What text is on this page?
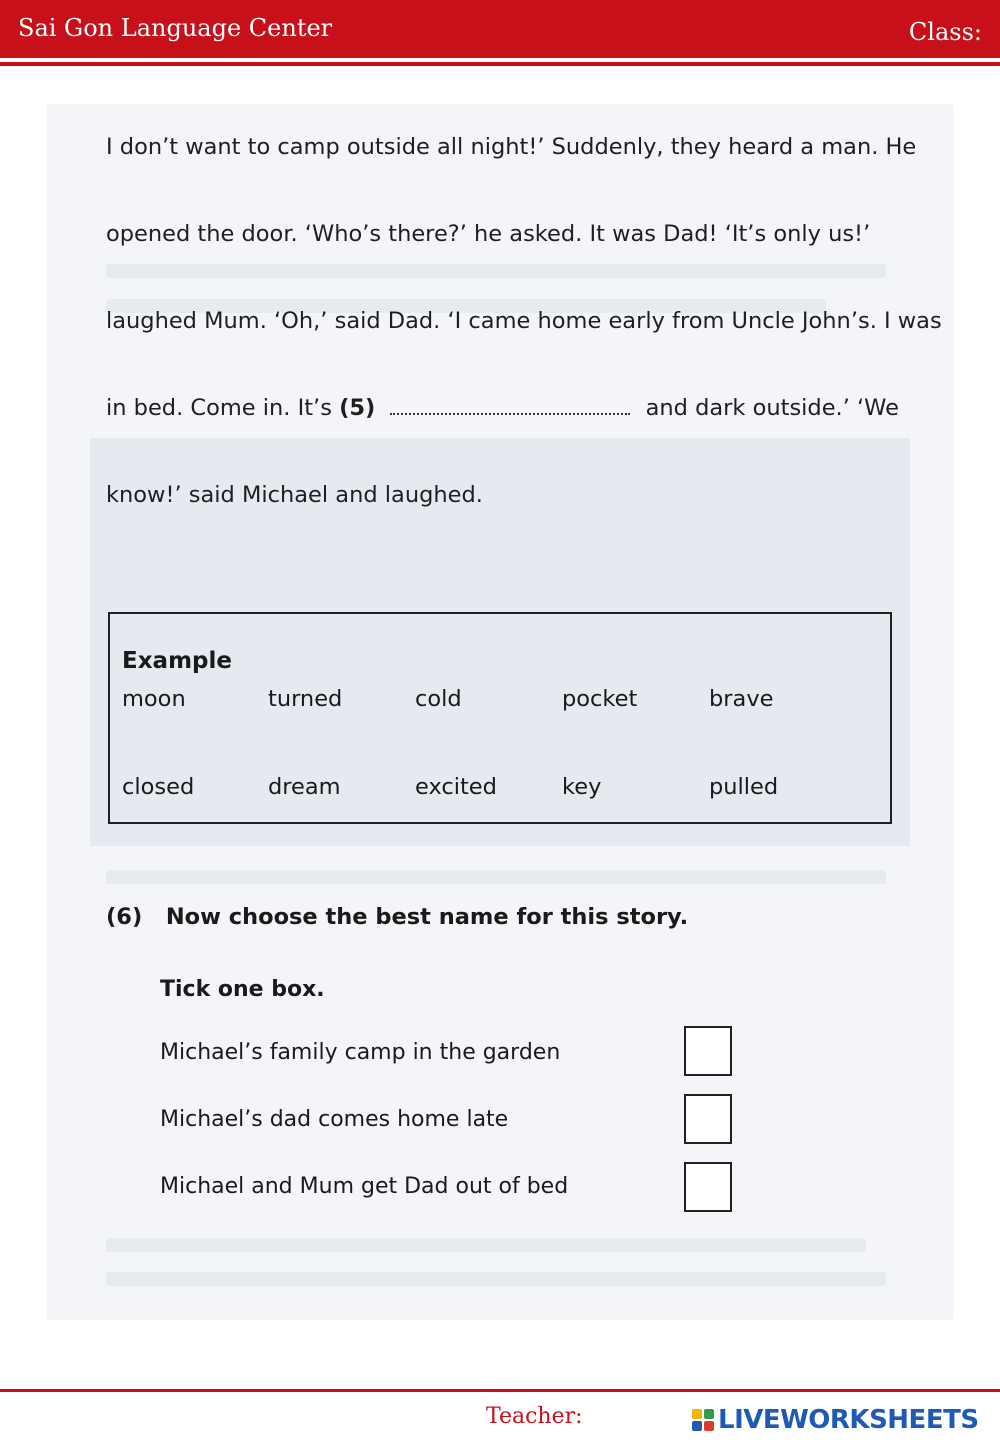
Sai Gon Language Center	Class:
I don’t want to camp outside all night!’ Suddenly, they heard a man. He
opened the door. ‘Who’s there?’ he asked. It was Dad! ‘It’s only us!’
laughed Mum. ‘Oh,’ said Dad. ‘I came home early from Uncle John’s. I was
in bed. Come in. It’s (5)	and dark outside.’ ‘We
know!’ said Michael and laughed.
Example
moon	turned	cold	pocket	brave
closed	dream	excited	key	pulled
(6) Now choose the best name for this story.
Tick one box.
Michael’s family camp in the garden
Michael’s dad comes home late
Michael and Mum get Dad out of bed
Teacher:	LIVEWORKSHEETS
